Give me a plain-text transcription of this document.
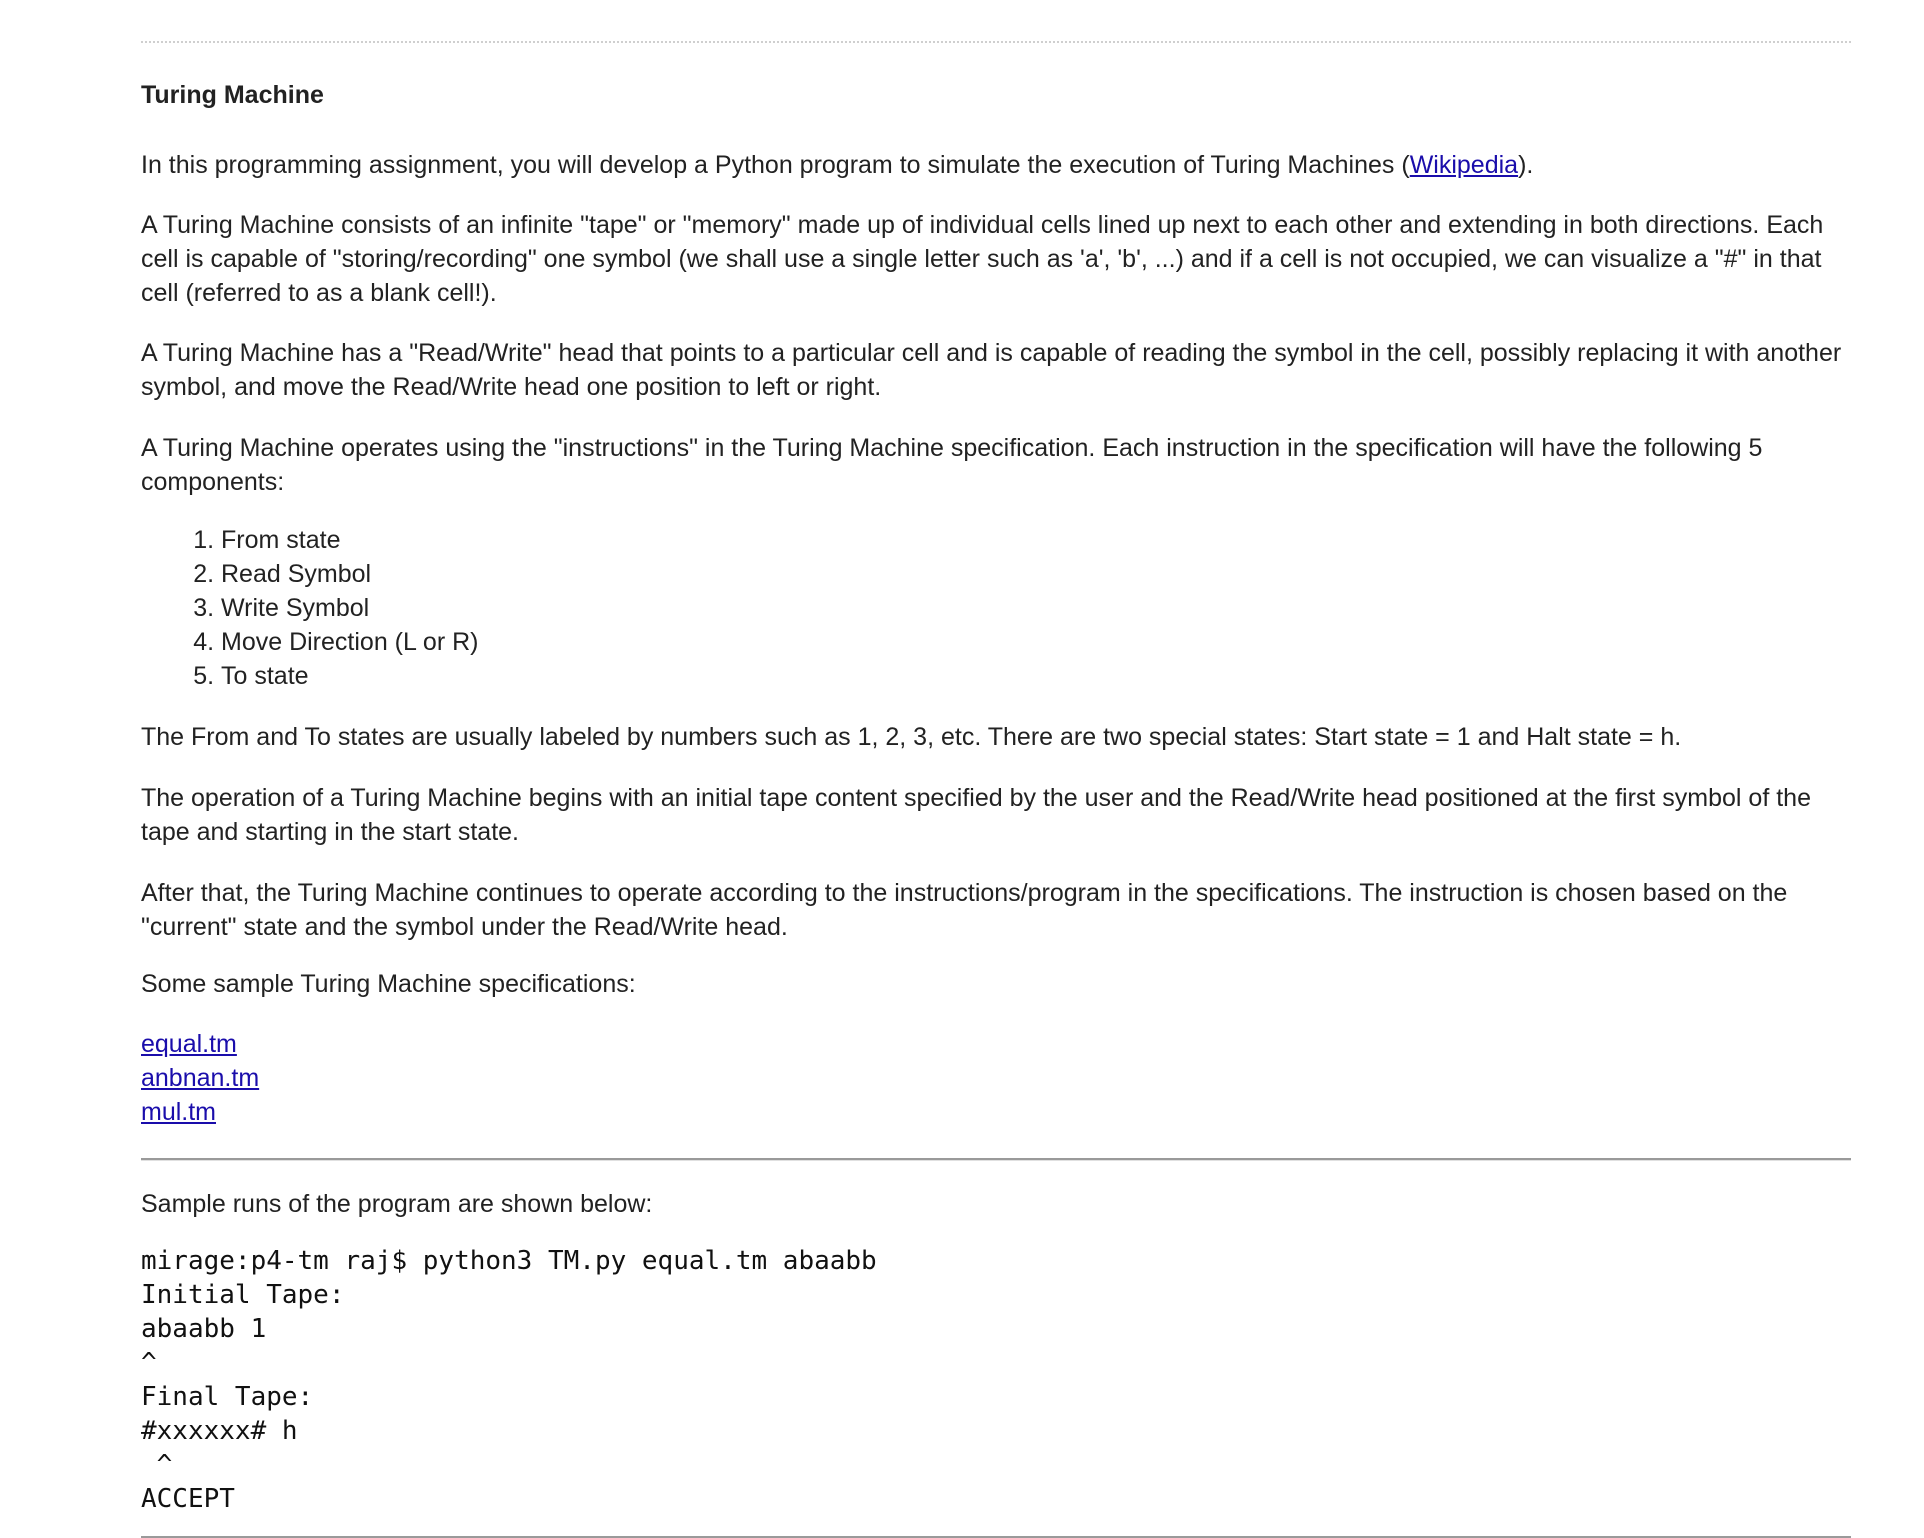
Turing Machine

In this programming assignment, you will develop a Python program to simulate the execution of Turing Machines (Wikipedia).

A Turing Machine consists of an infinite "tape" or "memory" made up of individual cells lined up next to each other and extending in both directions. Each cell is capable of "storing/recording" one symbol (we shall use a single letter such as 'a', 'b', ...) and if a cell is not occupied, we can visualize a "#" in that cell (referred to as a blank cell!).

A Turing Machine has a "Read/Write" head that points to a particular cell and is capable of reading the symbol in the cell, possibly replacing it with another symbol, and move the Read/Write head one position to left or right.

A Turing Machine operates using the "instructions" in the Turing Machine specification. Each instruction in the specification will have the following 5 components:

1. From state
2. Read Symbol
3. Write Symbol
4. Move Direction (L or R)
5. To state

The From and To states are usually labeled by numbers such as 1, 2, 3, etc. There are two special states: Start state = 1 and Halt state = h.

The operation of a Turing Machine begins with an initial tape content specified by the user and the Read/Write head positioned at the first symbol of the tape and starting in the start state.

After that, the Turing Machine continues to operate according to the instructions/program in the specifications. The instruction is chosen based on the "current" state and the symbol under the Read/Write head.

Some sample Turing Machine specifications:

equal.tm
anbnan.tm
mul.tm

Sample runs of the program are shown below:

mirage:p4-tm raj$ python3 TM.py equal.tm abaabb
Initial Tape:
abaabb 1
^
Final Tape:
#xxxxxx# h
^
ACCEPT
